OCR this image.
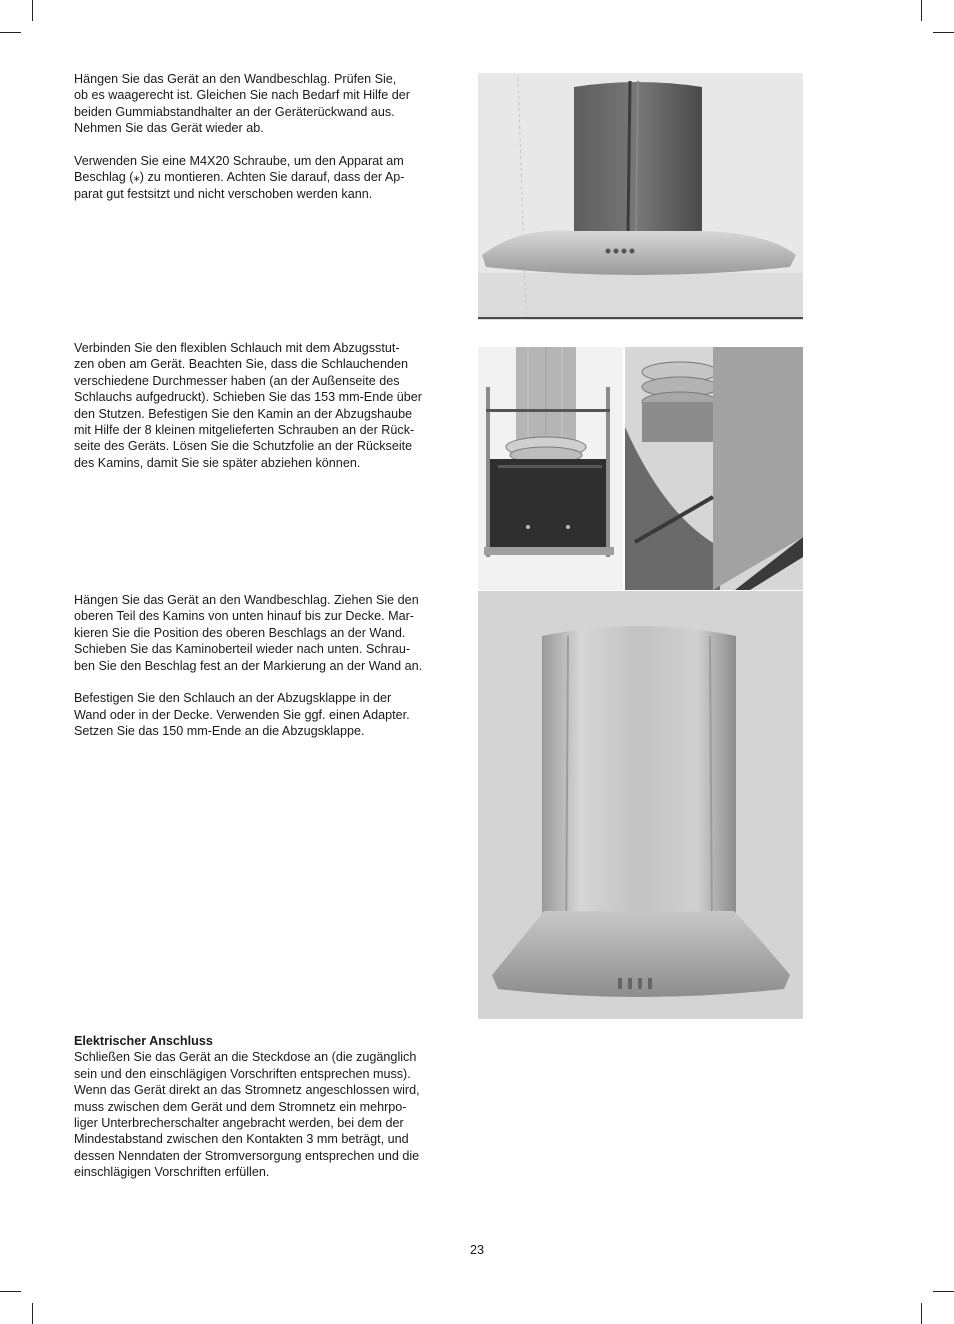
Hängen Sie das Gerät an den Wandbeschlag. Prüfen Sie,
ob es waagerecht ist. Gleichen Sie nach Bedarf mit Hilfe der
beiden Gummiabstandhalter an der Geräterückwand aus.
Nehmen Sie das Gerät wieder ab.

Verwenden Sie eine M4X20 Schraube, um den Apparat am
Beschlag (⁎) zu montieren. Achten Sie darauf, dass der Ap-
parat gut festsitzt und nicht verschoben werden kann.

Verbinden Sie den flexiblen Schlauch mit dem Abzugsstut-
zen oben am Gerät. Beachten Sie, dass die Schlauchenden
verschiedene Durchmesser haben (an der Außenseite des
Schlauchs aufgedruckt). Schieben Sie das 153 mm-Ende über
den Stutzen. Befestigen Sie den Kamin an der Abzugshaube
mit Hilfe der 8 kleinen mitgelieferten Schrauben an der Rück-
seite des Geräts. Lösen Sie die Schutzfolie an der Rückseite
des Kamins, damit Sie sie später abziehen können.

Hängen Sie das Gerät an den Wandbeschlag. Ziehen Sie den
oberen Teil des Kamins von unten hinauf bis zur Decke. Mar-
kieren Sie die Position des oberen Beschlags an der Wand.
Schieben Sie das Kaminoberteil wieder nach unten. Schrau-
ben Sie den Beschlag fest an der Markierung an der Wand an.

Befestigen Sie den Schlauch an der Abzugsklappe in der
Wand oder in der Decke. Verwenden Sie ggf. einen Adapter.
Setzen Sie das 150 mm-Ende an die Abzugsklappe.

Elektrischer Anschluss

Schließen Sie das Gerät an die Steckdose an (die zugänglich
sein und den einschlägigen Vorschriften entsprechen muss).
Wenn das Gerät direkt an das Stromnetz angeschlossen wird,
muss zwischen dem Gerät und dem Stromnetz ein mehrpo-
liger Unterbrecherschalter angebracht werden, bei dem der
Mindestabstand zwischen den Kontakten 3 mm beträgt, und
dessen Nenndaten der Stromversorgung entsprechen und die
einschlägigen Vorschriften erfüllen.

23
